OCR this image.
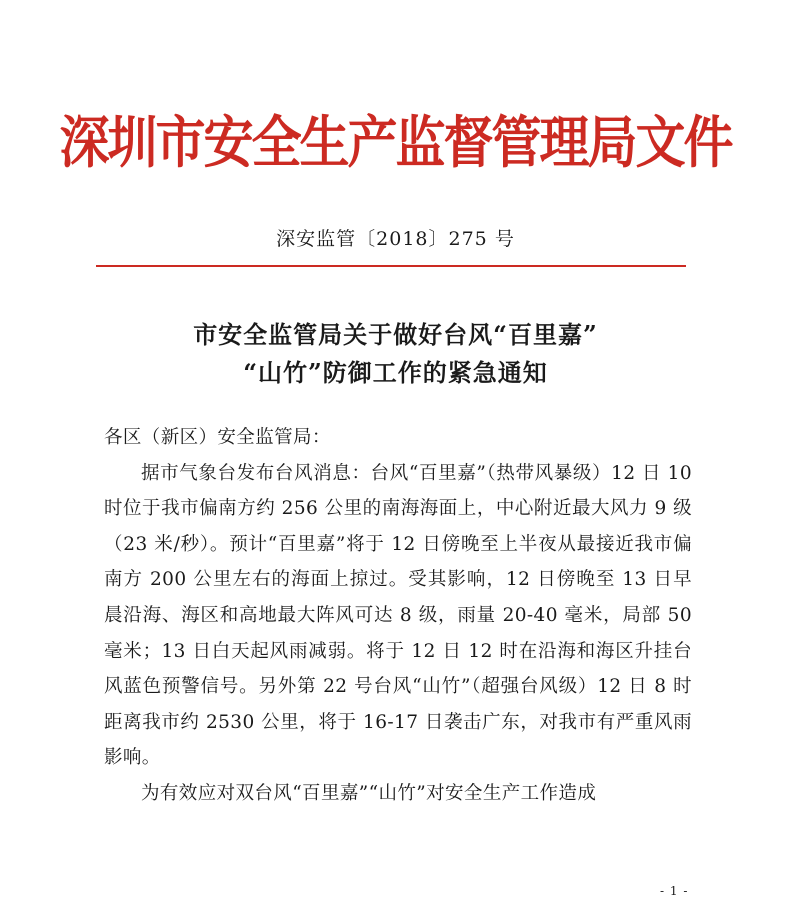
深圳市安全生产监督管理局文件
深安监管〔2018〕275 号
市安全监管局关于做好台风“百里嘉”
“山竹”防御工作的紧急通知

各区（新区）安全监管局：

据市气象台发布台风消息：台风“百里嘉”（热带风暴级）12 日 10 时位于我市偏南方约 256 公里的南海海面上，中心附近最大风力 9 级（23 米/秒）。预计“百里嘉”将于 12 日傍晚至上半夜从最接近我市偏南方 200 公里左右的海面上掠过。受其影响，12 日傍晚至 13 日早晨沿海、海区和高地最大阵风可达 8 级，雨量 20-40 毫米，局部 50 毫米；13 日白天起风雨减弱。将于 12 日 12 时在沿海和海区升挂台风蓝色预警信号。另外第 22 号台风“山竹”（超强台风级）12 日 8 时距离我市约 2530 公里，将于 16-17 日袭击广东，对我市有严重风雨影响。

为有效应对双台风“百里嘉”“山竹”对安全生产工作造成

- 1 -
